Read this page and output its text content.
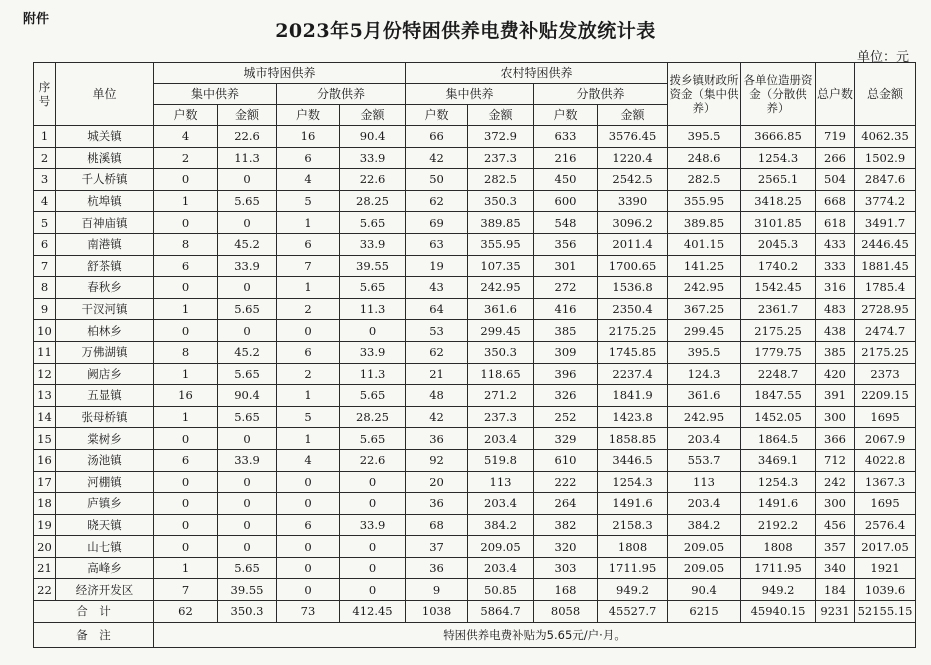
附件
2023年5月份特困供养电费补贴发放统计表
单位：元
序号	单位	城市特困供养				农村特困供养				拨乡镇财政所资金（集中供养）	各单位造册资金（分散供养）	总户数	总金额
		集中供养		分散供养		集中供养		分散供养					
		户数	金额	户数	金额	户数	金额	户数	金额				
1	城关镇	4	22.6	16	90.4	66	372.9	633	3576.45	395.5	3666.85	719	4062.35
2	桃溪镇	2	11.3	6	33.9	42	237.3	216	1220.4	248.6	1254.3	266	1502.9
3	千人桥镇	0	0	4	22.6	50	282.5	450	2542.5	282.5	2565.1	504	2847.6
4	杭埠镇	1	5.65	5	28.25	62	350.3	600	3390	355.95	3418.25	668	3774.2
5	百神庙镇	0	0	1	5.65	69	389.85	548	3096.2	389.85	3101.85	618	3491.7
6	南港镇	8	45.2	6	33.9	63	355.95	356	2011.4	401.15	2045.3	433	2446.45
7	舒茶镇	6	33.9	7	39.55	19	107.35	301	1700.65	141.25	1740.2	333	1881.45
8	春秋乡	0	0	1	5.65	43	242.95	272	1536.8	242.95	1542.45	316	1785.4
9	干汊河镇	1	5.65	2	11.3	64	361.6	416	2350.4	367.25	2361.7	483	2728.95
10	柏林乡	0	0	0	0	53	299.45	385	2175.25	299.45	2175.25	438	2474.7
11	万佛湖镇	8	45.2	6	33.9	62	350.3	309	1745.85	395.5	1779.75	385	2175.25
12	阙店乡	1	5.65	2	11.3	21	118.65	396	2237.4	124.3	2248.7	420	2373
13	五显镇	16	90.4	1	5.65	48	271.2	326	1841.9	361.6	1847.55	391	2209.15
14	张母桥镇	1	5.65	5	28.25	42	237.3	252	1423.8	242.95	1452.05	300	1695
15	棠树乡	0	0	1	5.65	36	203.4	329	1858.85	203.4	1864.5	366	2067.9
16	汤池镇	6	33.9	4	22.6	92	519.8	610	3446.5	553.7	3469.1	712	4022.8
17	河棚镇	0	0	0	0	20	113	222	1254.3	113	1254.3	242	1367.3
18	庐镇乡	0	0	0	0	36	203.4	264	1491.6	203.4	1491.6	300	1695
19	晓天镇	0	0	6	33.9	68	384.2	382	2158.3	384.2	2192.2	456	2576.4
20	山七镇	0	0	0	0	37	209.05	320	1808	209.05	1808	357	2017.05
21	高峰乡	1	5.65	0	0	36	203.4	303	1711.95	209.05	1711.95	340	1921
22	经济开发区	7	39.55	0	0	9	50.85	168	949.2	90.4	949.2	184	1039.6
合　计		62	350.3	73	412.45	1038	5864.7	8058	45527.7	6215	45940.15	9231	52155.15
备　注		特困供养电费补贴为5.65元/户·月。											
